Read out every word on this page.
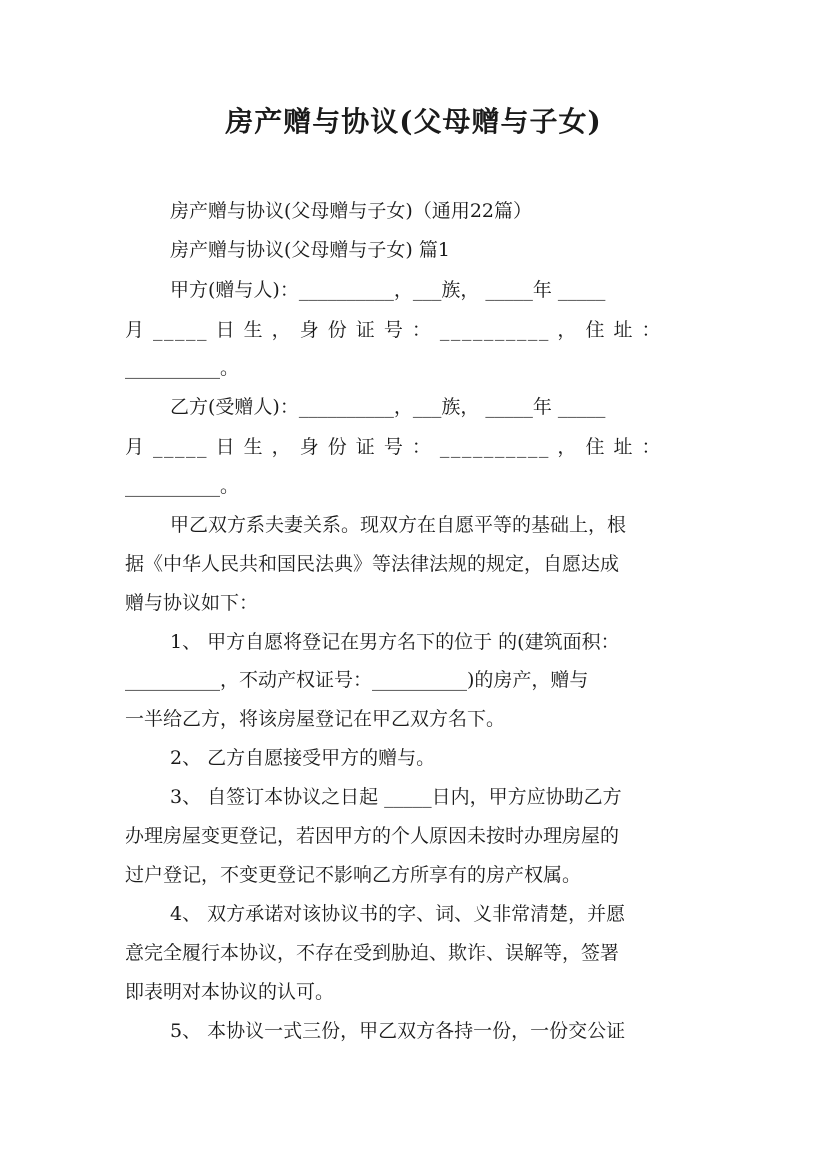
房产赠与协议(父母赠与子女)
房产赠与协议(父母赠与子女)（通用22篇）
房产赠与协议(父母赠与子女) 篇1
甲方(赠与人)：__________，___族， _____年 _____
月 _____ 日 生 ， 身 份 证 号 ： __________ ， 住 址 ：
__________。
乙方(受赠人)：__________，___族， _____年 _____
月 _____ 日 生 ， 身 份 证 号 ： __________ ， 住 址 ：
__________。
甲乙双方系夫妻关系。现双方在自愿平等的基础上，根
据《中华人民共和国民法典》等法律法规的规定，自愿达成
赠与协议如下：
1、 甲方自愿将登记在男方名下的位于 的(建筑面积：
__________，不动产权证号：__________)的房产，赠与
一半给乙方，将该房屋登记在甲乙双方名下。
2、 乙方自愿接受甲方的赠与。
3、 自签订本协议之日起 _____日内，甲方应协助乙方
办理房屋变更登记，若因甲方的个人原因未按时办理房屋的
过户登记，不变更登记不影响乙方所享有的房产权属。
4、 双方承诺对该协议书的字、词、义非常清楚，并愿
意完全履行本协议，不存在受到胁迫、欺诈、误解等，签署
即表明对本协议的认可。
5、 本协议一式三份，甲乙双方各持一份，一份交公证
